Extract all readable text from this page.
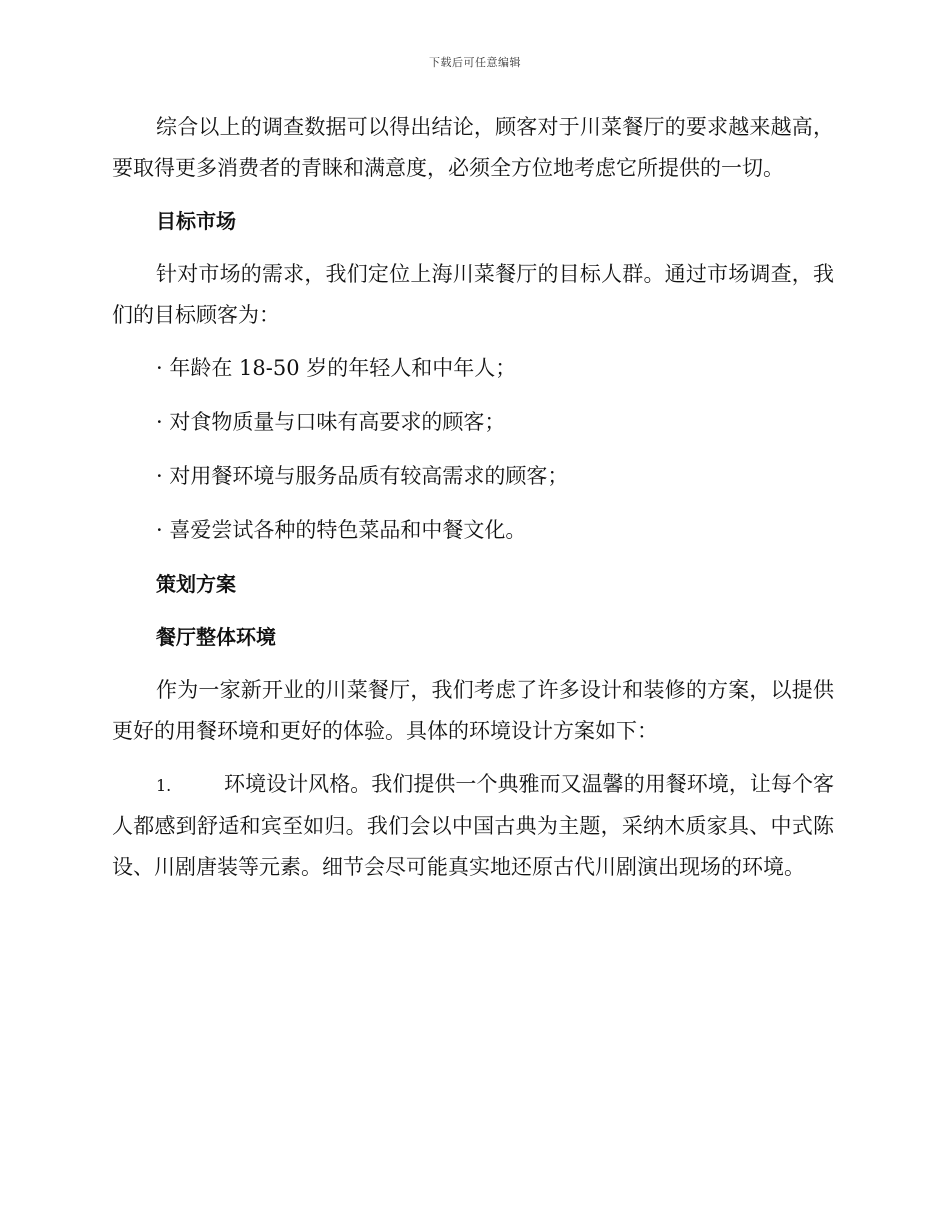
下载后可任意编辑

综合以上的调查数据可以得出结论，顾客对于川菜餐厅的要求越来越高，要取得更多消费者的青睐和满意度，必须全方位地考虑它所提供的一切。

目标市场

针对市场的需求，我们定位上海川菜餐厅的目标人群。通过市场调查，我们的目标顾客为：

· 年龄在 18-50 岁的年轻人和中年人；
· 对食物质量与口味有高要求的顾客；
· 对用餐环境与服务品质有较高需求的顾客；
· 喜爱尝试各种的特色菜品和中餐文化。
策划方案
餐厅整体环境

作为一家新开业的川菜餐厅，我们考虑了许多设计和装修的方案，以提供更好的用餐环境和更好的体验。具体的环境设计方案如下：

1.	环境设计风格。我们提供一个典雅而又温馨的用餐环境，让每个客人都感到舒适和宾至如归。我们会以中国古典为主题，采纳木质家具、中式陈设、川剧唐装等元素。细节会尽可能真实地还原古代川剧演出现场的环境。
